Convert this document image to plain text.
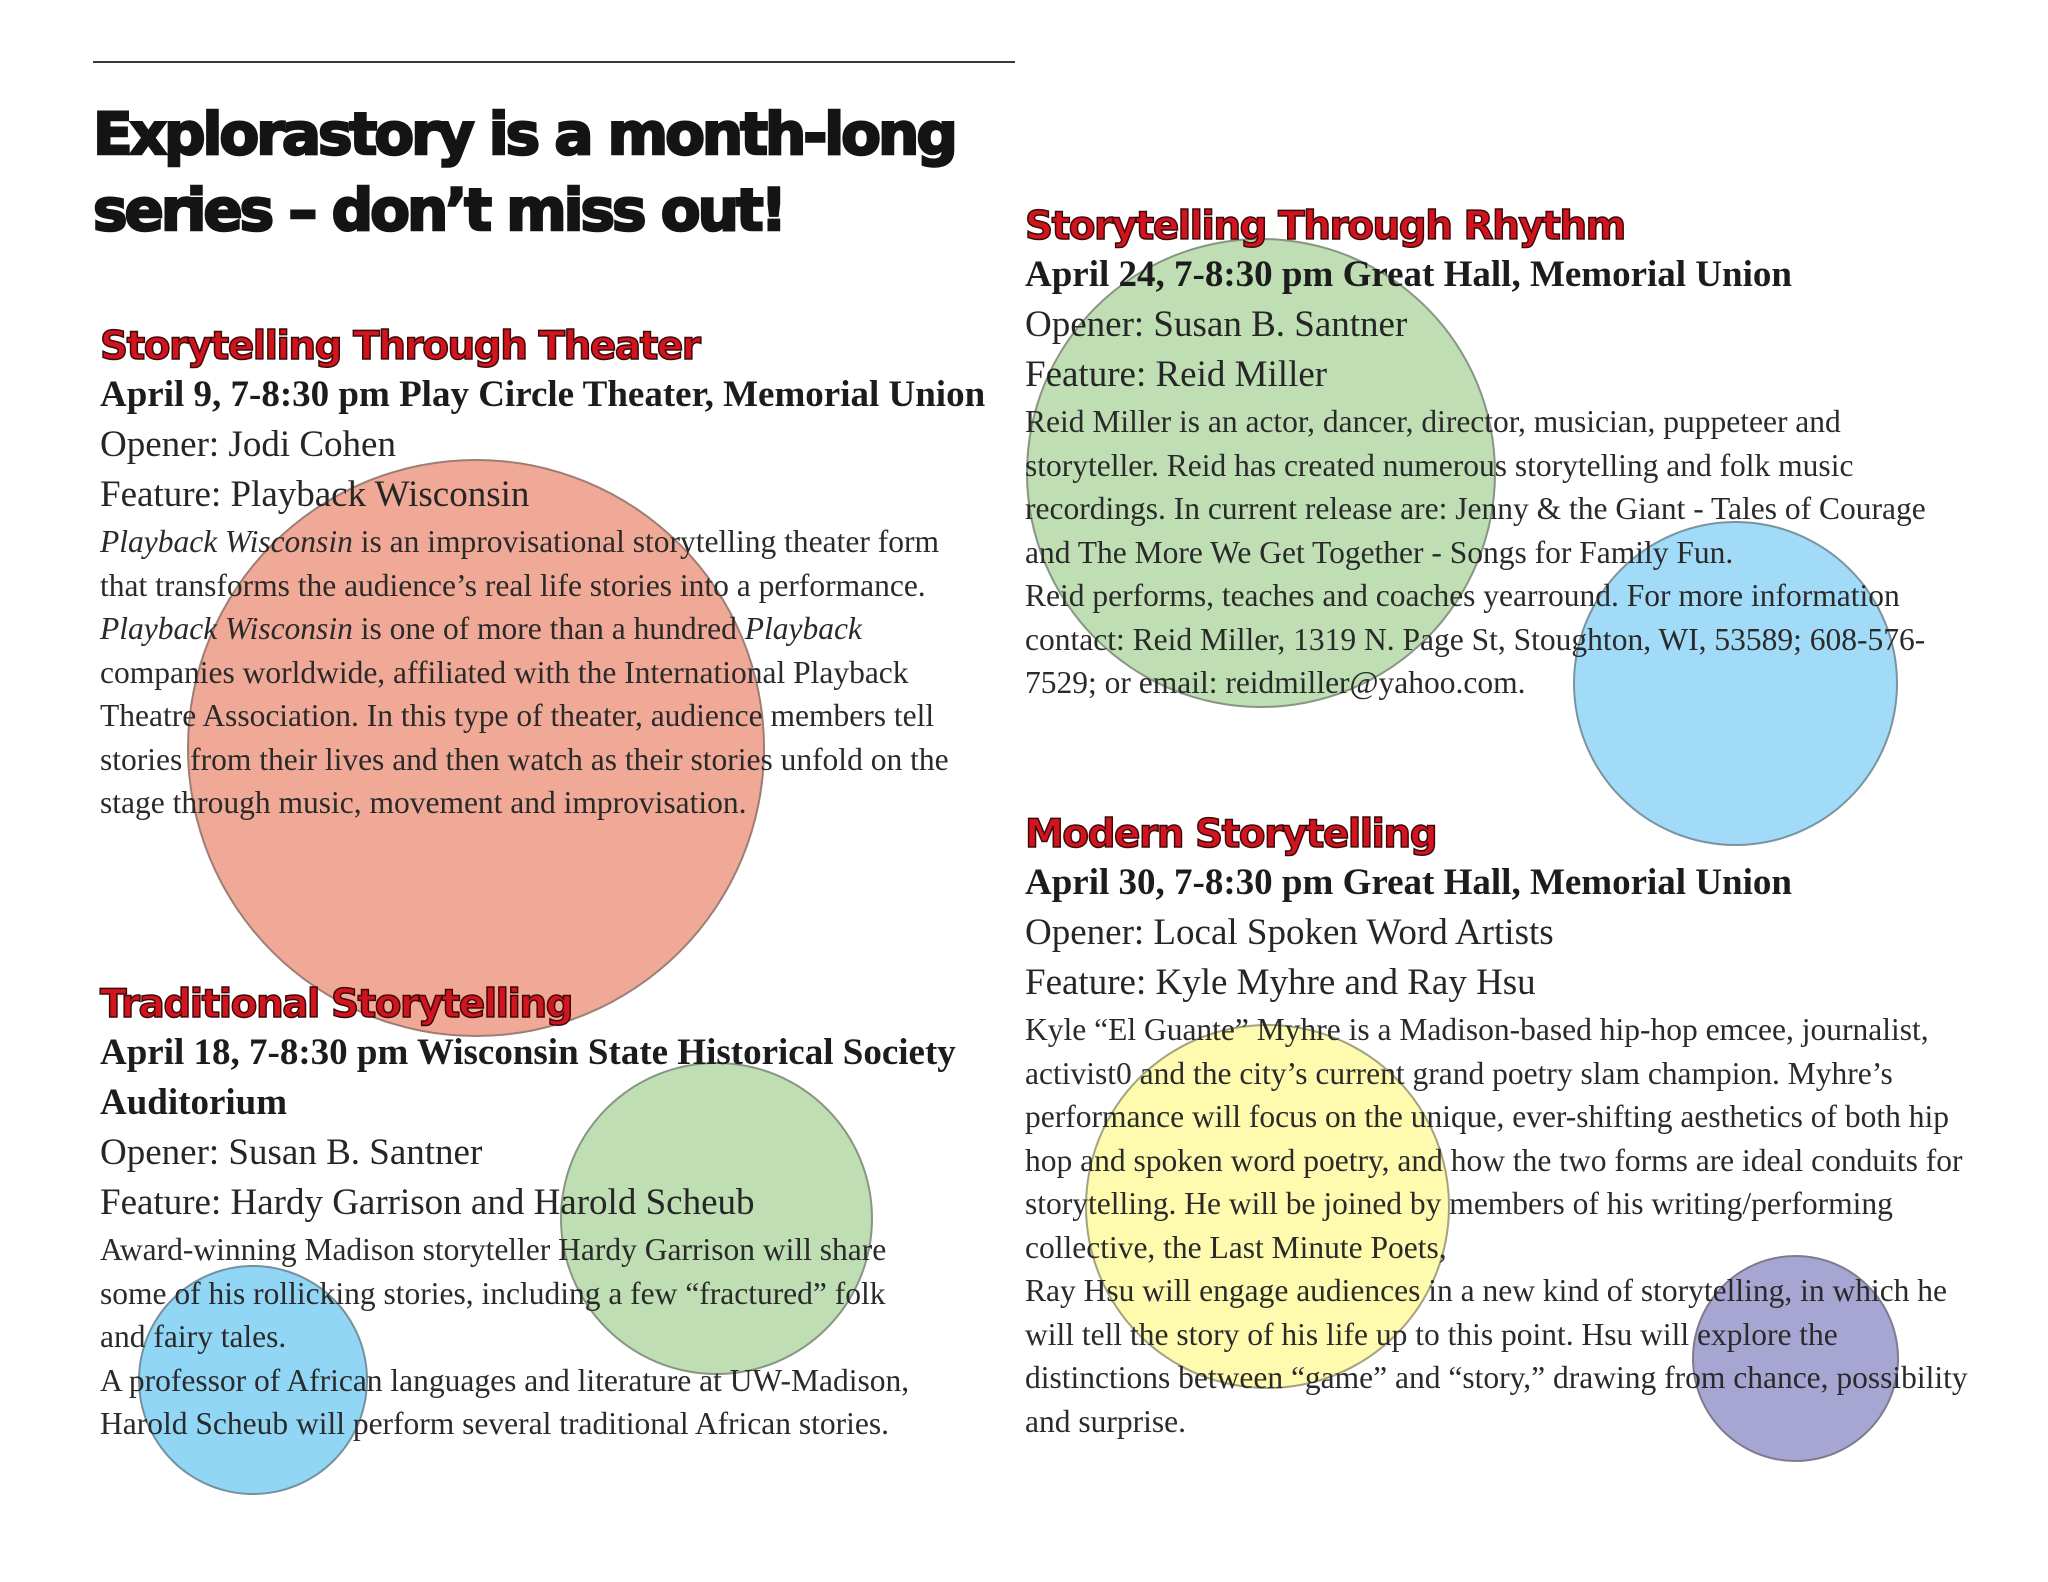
Explorastory is a month-long series – don’t miss out!
Storytelling Through Theater
April 9, 7-8:30 pm Play Circle Theater, Memorial Union
Opener: Jodi Cohen
Feature: Playback Wisconsin
Playback Wisconsin is an improvisational storytelling theater form that transforms the audience’s real life stories into a performance. Playback Wisconsin is one of more than a hundred Playback companies worldwide, affiliated with the International Playback Theatre Association. In this type of theater, audience members tell stories from their lives and then watch as their stories unfold on the stage through music, movement and improvisation.
Traditional Storytelling
April 18, 7-8:30 pm Wisconsin State Historical Society Auditorium
Opener: Susan B. Santner
Feature: Hardy Garrison and Harold Scheub
Award-winning Madison storyteller Hardy Garrison will share some of his rollicking stories, including a few “fractured” folk and fairy tales.
A professor of African languages and literature at UW-Madison, Harold Scheub will perform several traditional African stories.
Storytelling Through Rhythm
April 24, 7-8:30 pm Great Hall, Memorial Union
Opener: Susan B. Santner
Feature: Reid Miller
Reid Miller is an actor, dancer, director, musician, puppeteer and storyteller. Reid has created numerous storytelling and folk music recordings. In current release are: Jenny & the Giant - Tales of Courage and The More We Get Together - Songs for Family Fun.
Reid performs, teaches and coaches yearround. For more information contact: Reid Miller, 1319 N. Page St, Stoughton, WI, 53589; 608-576-7529; or email: reidmiller@yahoo.com.
Modern Storytelling
April 30, 7-8:30 pm Great Hall, Memorial Union
Opener: Local Spoken Word Artists
Feature: Kyle Myhre and Ray Hsu
Kyle “El Guante” Myhre is a Madison-based hip-hop emcee, journalist, activist0 and the city’s current grand poetry slam champion. Myhre’s performance will focus on the unique, ever-shifting aesthetics of both hip hop and spoken word poetry, and how the two forms are ideal conduits for storytelling. He will be joined by members of his writing/performing collective, the Last Minute Poets,
Ray Hsu will engage audiences in a new kind of storytelling, in which he will tell the story of his life up to this point. Hsu will explore the distinctions between “game” and “story,” drawing from chance, possibility and surprise.
